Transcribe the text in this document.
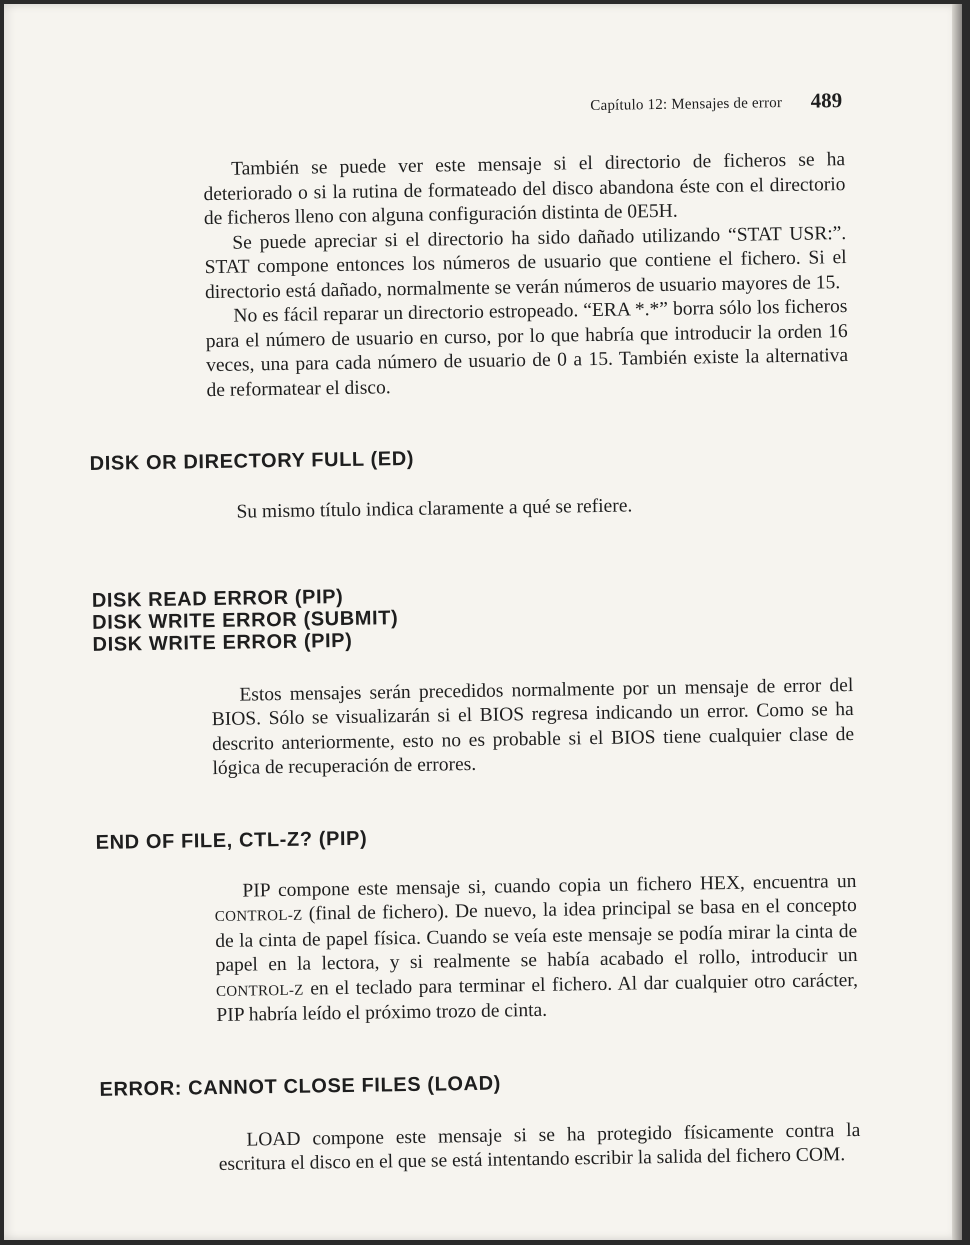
Capítulo 12: Mensajes de error 489

También se puede ver este mensaje si el directorio de ficheros se ha deteriorado o si la rutina de formateado del disco abandona éste con el directorio de ficheros lleno con alguna configuración distinta de 0E5H.

Se puede apreciar si el directorio ha sido dañado utilizando “STAT USR:”. STAT compone entonces los números de usuario que contiene el fichero. Si el directorio está dañado, normalmente se verán números de usuario mayores de 15.

No es fácil reparar un directorio estropeado. “ERA *.*” borra sólo los ficheros para el número de usuario en curso, por lo que habría que introducir la orden 16 veces, una para cada número de usuario de 0 a 15. También existe la alternativa de reformatear el disco.

DISK OR DIRECTORY FULL (ED)

Su mismo título indica claramente a qué se refiere.

DISK READ ERROR (PIP)
DISK WRITE ERROR (SUBMIT)
DISK WRITE ERROR (PIP)

Estos mensajes serán precedidos normalmente por un mensaje de error del BIOS. Sólo se visualizarán si el BIOS regresa indicando un error. Como se ha descrito anteriormente, esto no es probable si el BIOS tiene cualquier clase de lógica de recuperación de errores.

END OF FILE, CTL-Z? (PIP)

PIP compone este mensaje si, cuando copia un fichero HEX, encuentra un CONTROL-Z (final de fichero). De nuevo, la idea principal se basa en el concepto de la cinta de papel física. Cuando se veía este mensaje se podía mirar la cinta de papel en la lectora, y si realmente se había acabado el rollo, introducir un CONTROL-Z en el teclado para terminar el fichero. Al dar cualquier otro carácter, PIP habría leído el próximo trozo de cinta.

ERROR: CANNOT CLOSE FILES (LOAD)

LOAD compone este mensaje si se ha protegido físicamente contra la escritura el disco en el que se está intentando escribir la salida del fichero COM.
